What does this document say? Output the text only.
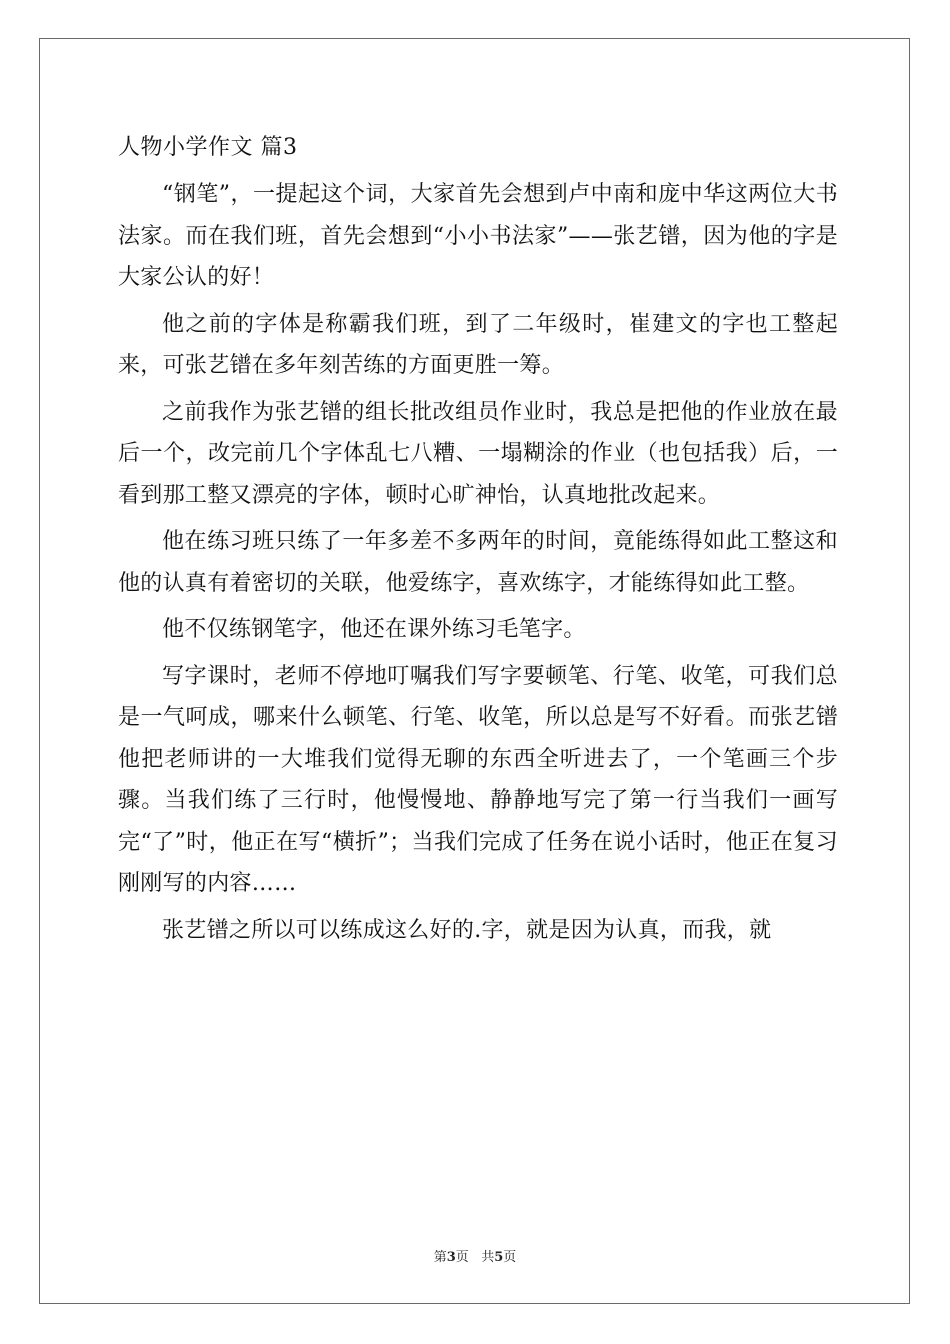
人物小学作文 篇3

“钢笔”，一提起这个词，大家首先会想到卢中南和庞中华这两位大书法家。而在我们班，首先会想到“小小书法家”——张艺镨，因为他的字是大家公认的好！

他之前的字体是称霸我们班，到了二年级时，崔建文的字也工整起来，可张艺镨在多年刻苦练的方面更胜一筹。

之前我作为张艺镨的组长批改组员作业时，我总是把他的作业放在最后一个，改完前几个字体乱七八糟、一塌糊涂的作业（也包括我）后，一看到那工整又漂亮的字体，顿时心旷神怡，认真地批改起来。

他在练习班只练了一年多差不多两年的时间，竟能练得如此工整这和他的认真有着密切的关联，他爱练字，喜欢练字，才能练得如此工整。

他不仅练钢笔字，他还在课外练习毛笔字。

写字课时，老师不停地叮嘱我们写字要顿笔、行笔、收笔，可我们总是一气呵成，哪来什么顿笔、行笔、收笔，所以总是写不好看。而张艺镨他把老师讲的一大堆我们觉得无聊的东西全听进去了，一个笔画三个步骤。当我们练了三行时，他慢慢地、静静地写完了第一行当我们一画写完“了”时，他正在写“横折”；当我们完成了任务在说小话时，他正在复习刚刚写的内容……

张艺镨之所以可以练成这么好的.字，就是因为认真，而我，就

第3页 共5页
